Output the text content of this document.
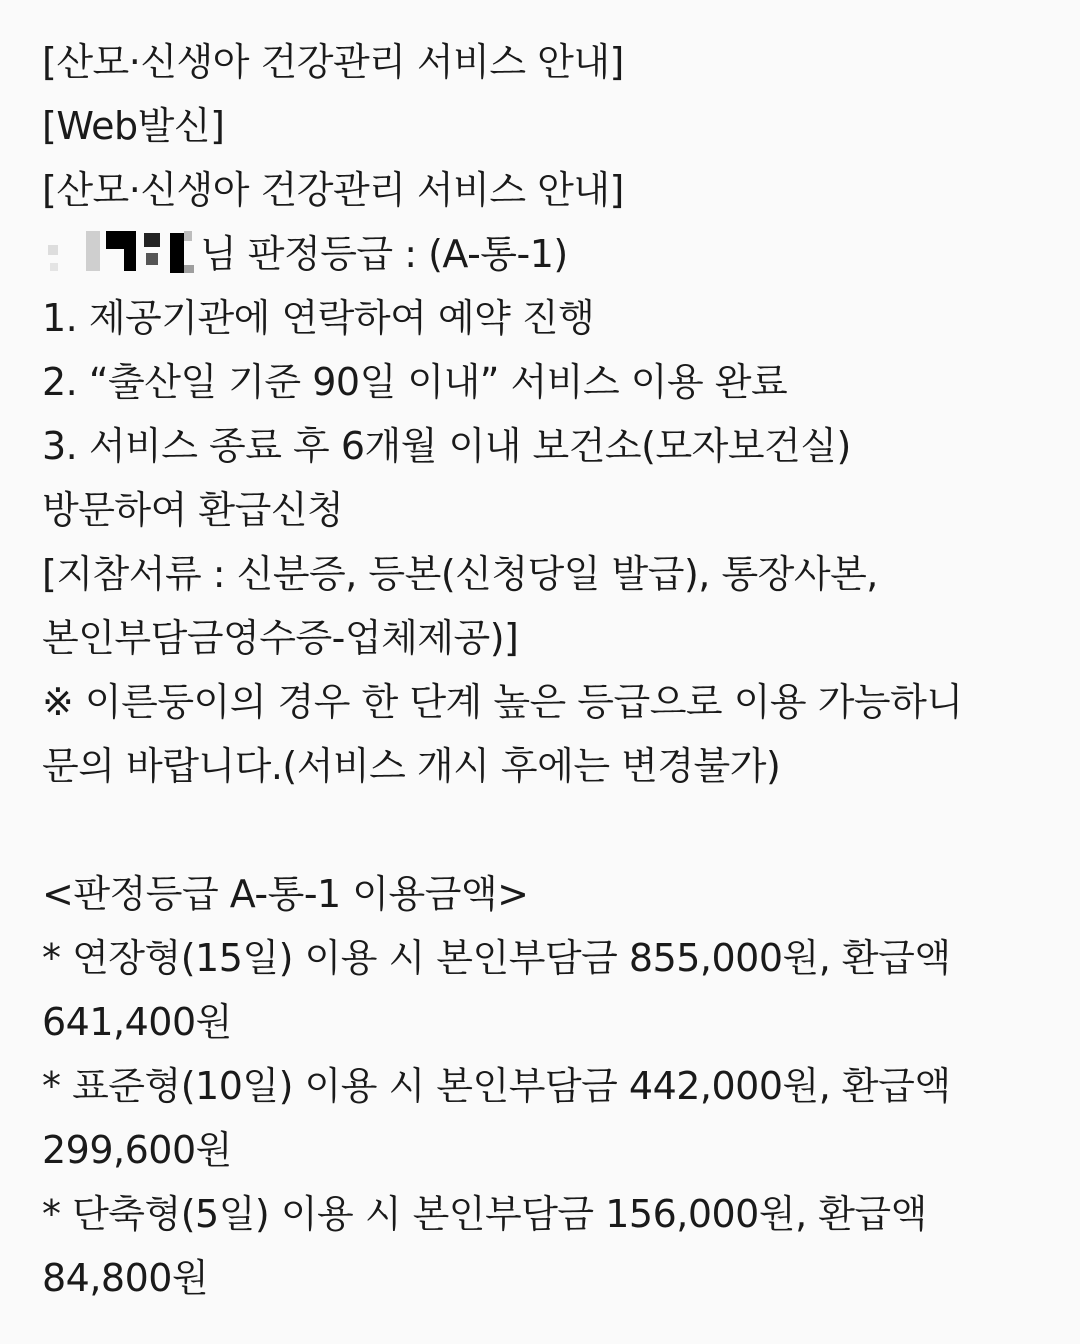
[산모·신생아 건강관리 서비스 안내]
[Web발신]
[산모·신생아 건강관리 서비스 안내]
님 판정등급 : (A-통-1)
1. 제공기관에 연락하여 예약 진행
2. “출산일 기준 90일 이내” 서비스 이용 완료
3. 서비스 종료 후 6개월 이내 보건소(모자보건실)
방문하여 환급신청
[지참서류 : 신분증, 등본(신청당일 발급), 통장사본,
본인부담금영수증-업체제공)]
※ 이른둥이의 경우 한 단계 높은 등급으로 이용 가능하니
문의 바랍니다.(서비스 개시 후에는 변경불가)
<판정등급 A-통-1 이용금액>
* 연장형(15일) 이용 시 본인부담금 855,000원, 환급액
641,400원
* 표준형(10일) 이용 시 본인부담금 442,000원, 환급액
299,600원
* 단축형(5일) 이용 시 본인부담금 156,000원, 환급액
84,800원
